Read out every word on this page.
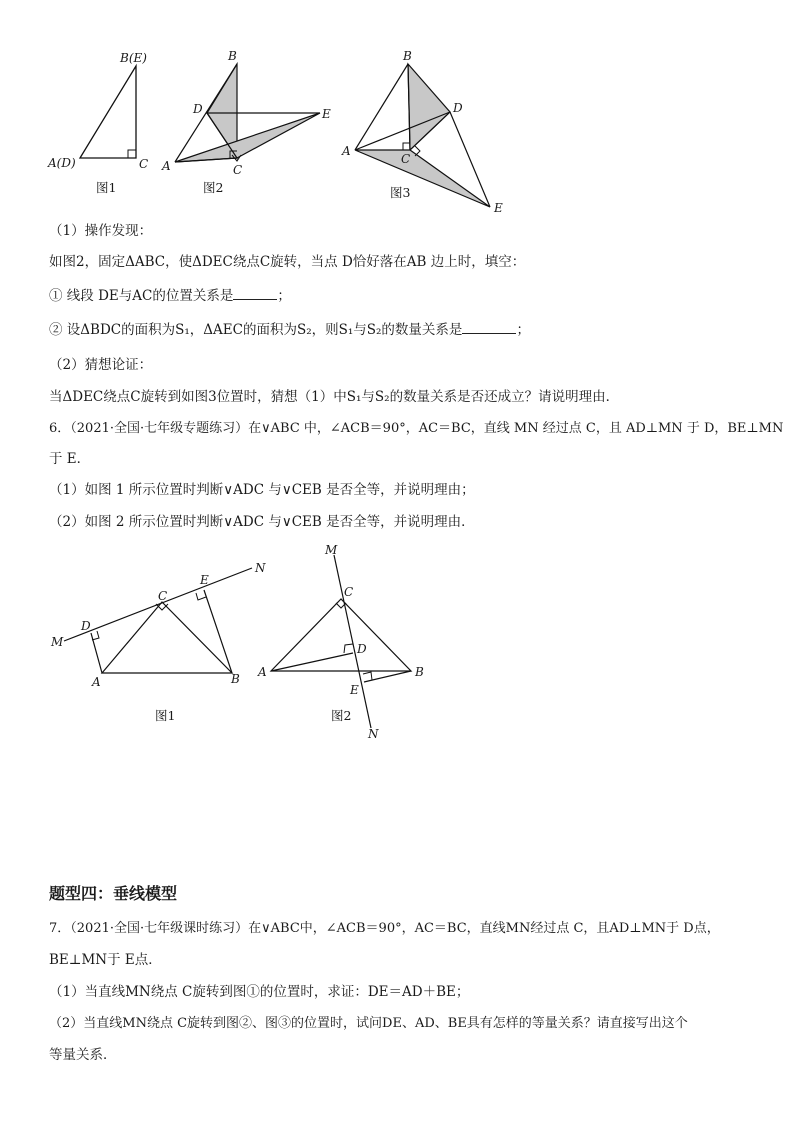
B(E)
A(D)	C
图1
B
D	E
A	C
图2
B
D
A
C
E
图3
（1）操作发现：
如图2，固定ΔABC，使ΔDEC绕点C旋转，当点 D恰好落在AB 边上时，填空：
① 线段 DE与AC的位置关系是	；
② 设ΔBDC的面积为S₁，ΔAEC的面积为S₂，则S₁与S₂的数量关系是	；
（2）猜想论证：
当ΔDEC绕点C旋转到如图3位置时，猜想（1）中S₁与S₂的数量关系是否还成立？请说明理由．
6．（2021·全国·七年级专题练习）在∨ABC 中，∠ACB＝90°，AC＝BC，直线 MN 经过点 C，且 AD⊥MN 于 D，BE⊥MN
于 E．
（1）如图 1 所示位置时判断∨ADC 与∨CEB 是否全等，并说明理由；
（2）如图 2 所示位置时判断∨ADC 与∨CEB 是否全等，并说明理由．
M
D
C
E
N
A	B
图1
M
C
D
A	B
E
N
图2
题型四：垂线模型
7．（2021·全国·七年级课时练习）在∨ABC中，∠ACB＝90°，AC＝BC，直线MN经过点 C，且AD⊥MN于 D点，
BE⊥MN于 E点．
（1）当直线MN绕点 C旋转到图①的位置时，求证：DE＝AD＋BE；
（2）当直线MN绕点 C旋转到图②、图③的位置时，试问DE、AD、BE具有怎样的等量关系？请直接写出这个
等量关系．
